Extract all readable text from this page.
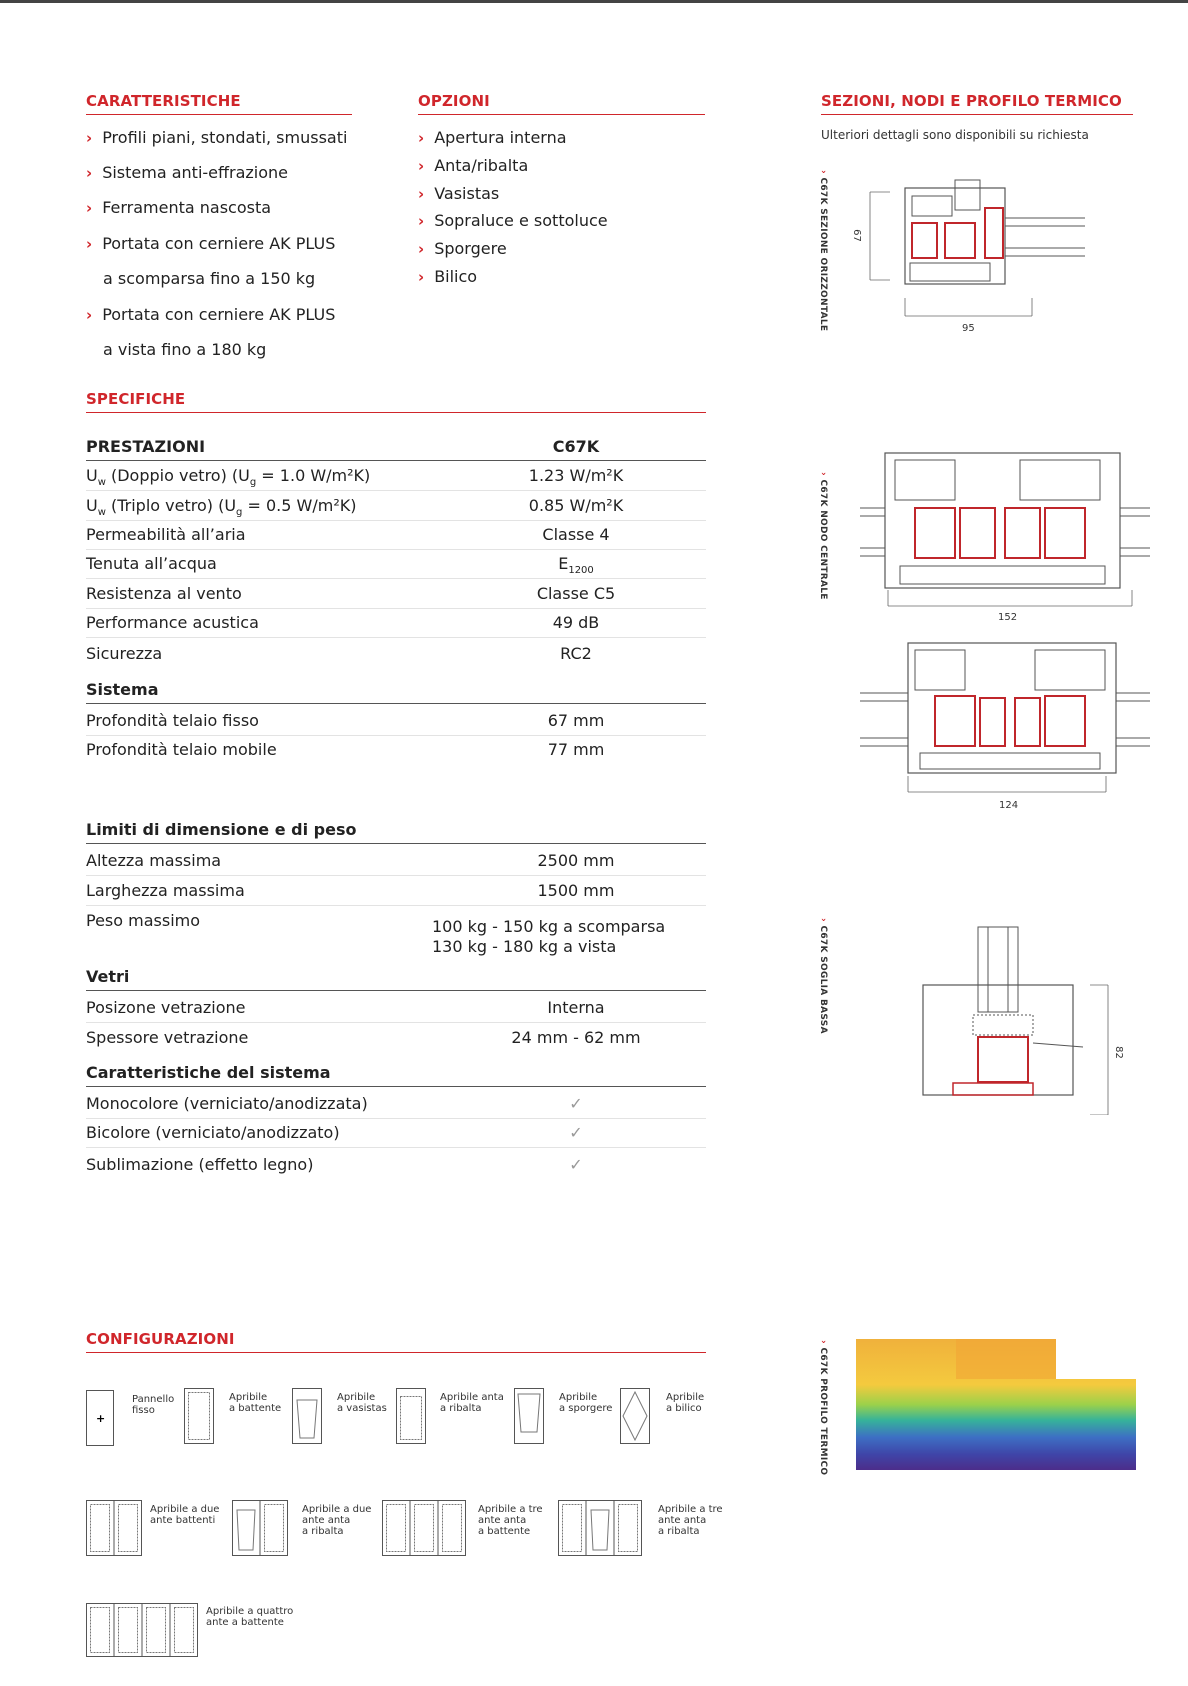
CARATTERISTICHE
› Profili piani, stondati, smussati
› Sistema anti-effrazione
› Ferramenta nascosta
› Portata con cerniere AK PLUS
a scomparsa fino a 150 kg
› Portata con cerniere AK PLUS
a vista fino a 180 kg
OPZIONI
› Apertura interna
› Anta/ribalta
› Vasistas
› Sopraluce e sottoluce
› Sporgere
› Bilico
SEZIONI, NODI E PROFILO TERMICO
Ulteriori dettagli sono disponibili su richiesta
› C67K SEZIONE ORIZZONTALE 67
95
› C67K NODO CENTRALE
152
124
› C67K SOGLIA BASSA
82
› C67K PROFILO TERMICO
SPECIFICHE
PRESTAZIONI	C67K
$U_w$ (Doppio vetro) ($U_g = 1.0$ W/m²K)	1.23 W/m²K
$U_w$ (Triplo vetro) ($U_g = 0.5$ W/m²K)	0.85 W/m²K
Permeabilità all’aria	Classe 4
Tenuta all’acqua	$E_{1200}$
Resistenza al vento	Classe C5
Performance acustica	49 dB
Sicurezza	RC2
Sistema
Profondità telaio fisso	67 mm
Profondità telaio mobile	77 mm
Limiti di dimensione e di peso
Altezza massima	2500 mm
Larghezza massima	1500 mm
Peso massimo	100 kg - 150 kg a scomparsa
130 kg - 180 kg a vista
Vetri
Posizone vetrazione	Interna
Spessore vetrazione	24 mm - 62 mm
Caratteristiche del sistema
Monocolore (verniciato/anodizzata)	✓
Bicolore (verniciato/anodizzato)	✓
Sublimazione (effetto legno)	✓
CONFIGURAZIONI
+
Pannello
fisso
Apribile
a battente
Apribile
a vasistas
Apribile anta
a ribalta
Apribile
a sporgere
Apribile
a bilico
Apribile a due
ante battenti
Apribile a due
ante anta
a ribalta
Apribile a tre
ante anta
a battente
Apribile a tre
ante anta
a ribalta
Apribile a quattro
ante a battente
